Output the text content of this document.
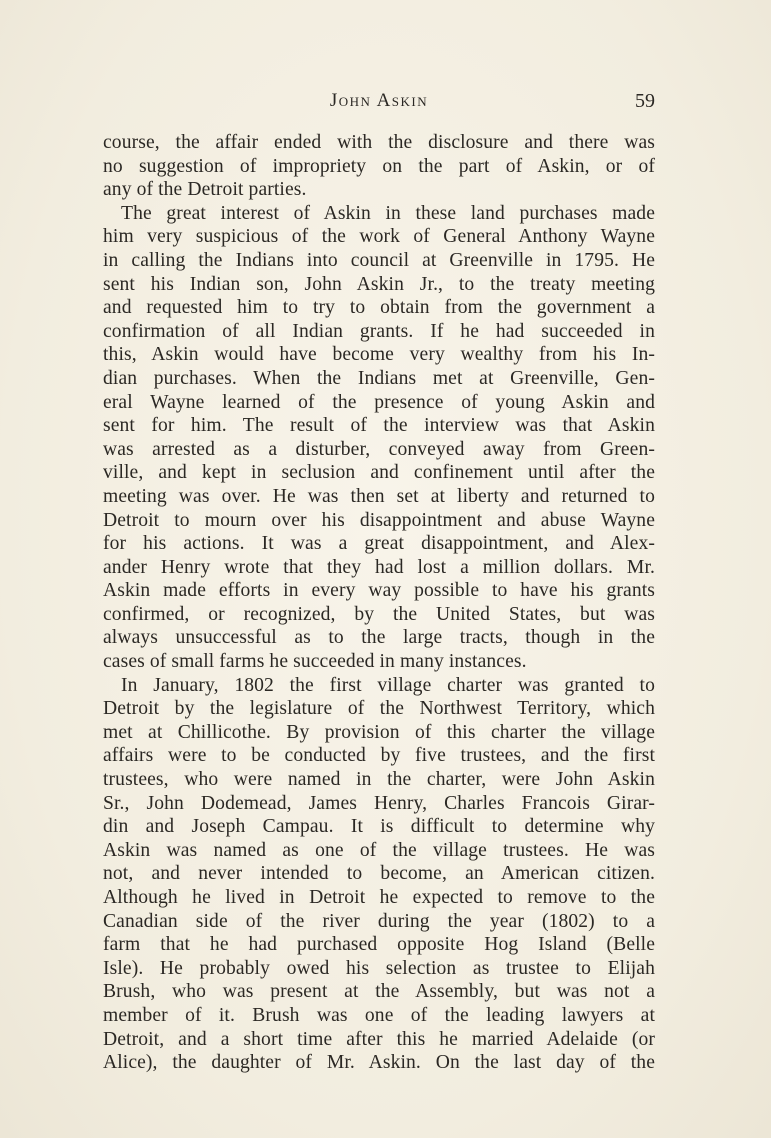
John Askin	59
course, the affair ended with the disclosure and there was
no suggestion of impropriety on the part of Askin, or of
any of the Detroit parties.
The great interest of Askin in these land purchases made
him very suspicious of the work of General Anthony Wayne
in calling the Indians into council at Greenville in 1795. He
sent his Indian son, John Askin Jr., to the treaty meeting
and requested him to try to obtain from the government a
confirmation of all Indian grants. If he had succeeded in
this, Askin would have become very wealthy from his In-
dian purchases. When the Indians met at Greenville, Gen-
eral Wayne learned of the presence of young Askin and
sent for him. The result of the interview was that Askin
was arrested as a disturber, conveyed away from Green-
ville, and kept in seclusion and confinement until after the
meeting was over. He was then set at liberty and returned to
Detroit to mourn over his disappointment and abuse Wayne
for his actions. It was a great disappointment, and Alex-
ander Henry wrote that they had lost a million dollars. Mr.
Askin made efforts in every way possible to have his grants
confirmed, or recognized, by the United States, but was
always unsuccessful as to the large tracts, though in the
cases of small farms he succeeded in many instances.
In January, 1802 the first village charter was granted to
Detroit by the legislature of the Northwest Territory, which
met at Chillicothe. By provision of this charter the village
affairs were to be conducted by five trustees, and the first
trustees, who were named in the charter, were John Askin
Sr., John Dodemead, James Henry, Charles Francois Girar-
din and Joseph Campau. It is difficult to determine why
Askin was named as one of the village trustees. He was
not, and never intended to become, an American citizen.
Although he lived in Detroit he expected to remove to the
Canadian side of the river during the year (1802) to a
farm that he had purchased opposite Hog Island (Belle
Isle). He probably owed his selection as trustee to Elijah
Brush, who was present at the Assembly, but was not a
member of it. Brush was one of the leading lawyers at
Detroit, and a short time after this he married Adelaide (or
Alice), the daughter of Mr. Askin. On the last day of the
